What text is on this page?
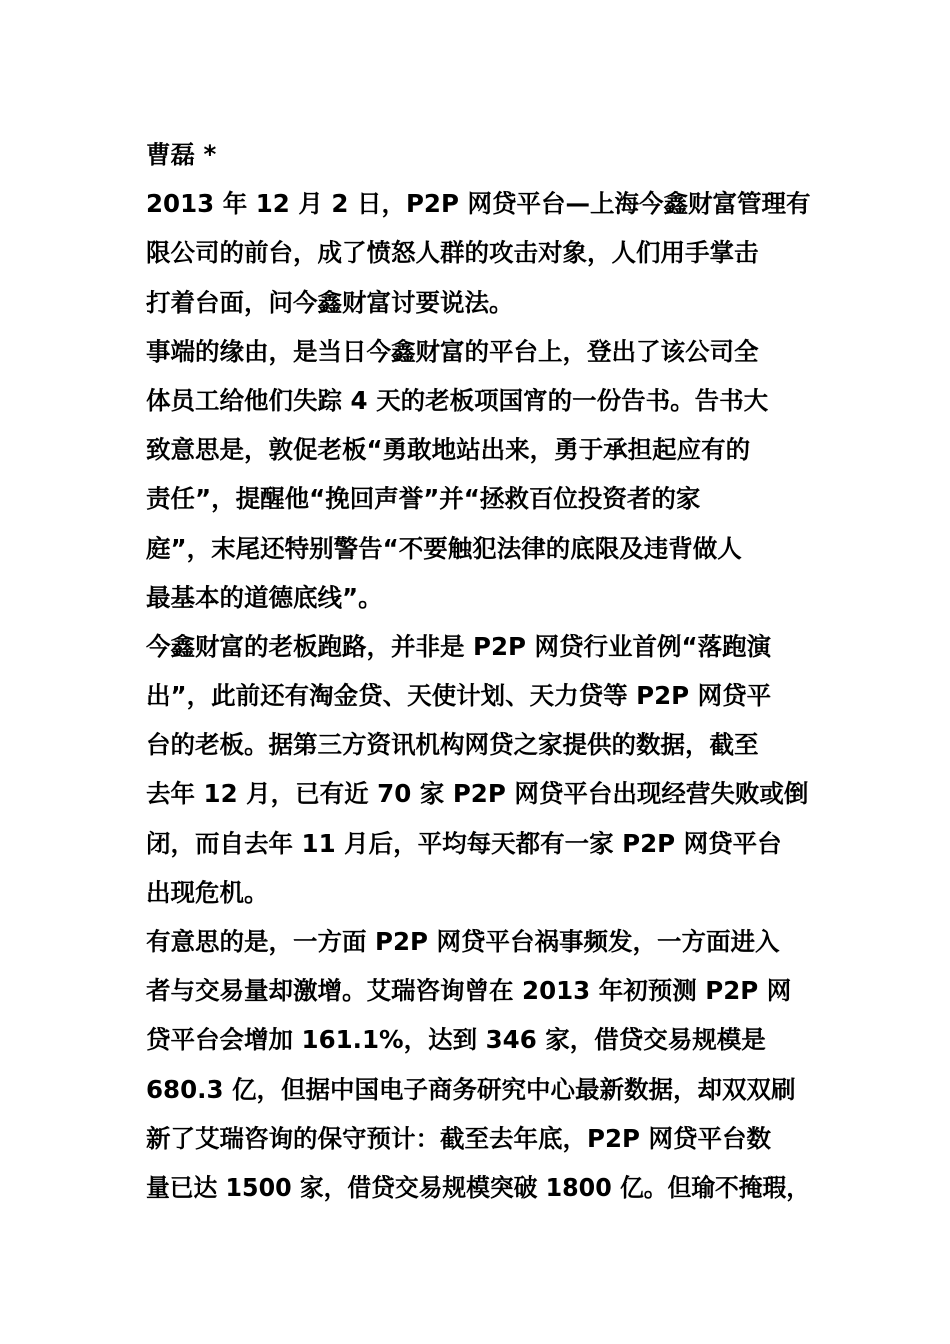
曹磊 *
2013 年 12 月 2 日，P2P 网贷平台—上海今鑫财富管理有
限公司的前台，成了愤怒人群的攻击对象，人们用手掌击
打着台面，问今鑫财富讨要说法。
事端的缘由，是当日今鑫财富的平台上，登出了该公司全
体员工给他们失踪 4 天的老板项国宵的一份告书。告书大
致意思是，敦促老板“勇敢地站出来，勇于承担起应有的
责任”，提醒他“挽回声誉”并“拯救百位投资者的家
庭”，末尾还特别警告“不要触犯法律的底限及违背做人
最基本的道德底线”。
今鑫财富的老板跑路，并非是 P2P 网贷行业首例“落跑演
出”，此前还有淘金贷、天使计划、天力贷等 P2P 网贷平
台的老板。据第三方资讯机构网贷之家提供的数据，截至
去年 12 月，已有近 70 家 P2P 网贷平台出现经营失败或倒
闭，而自去年 11 月后，平均每天都有一家 P2P 网贷平台
出现危机。
有意思的是，一方面 P2P 网贷平台祸事频发，一方面进入
者与交易量却激增。艾瑞咨询曾在 2013 年初预测 P2P 网
贷平台会增加 161.1%，达到 346 家，借贷交易规模是
680.3 亿，但据中国电子商务研究中心最新数据，却双双刷
新了艾瑞咨询的保守预计：截至去年底，P2P 网贷平台数
量已达 1500 家，借贷交易规模突破 1800 亿。但瑜不掩瑕，
